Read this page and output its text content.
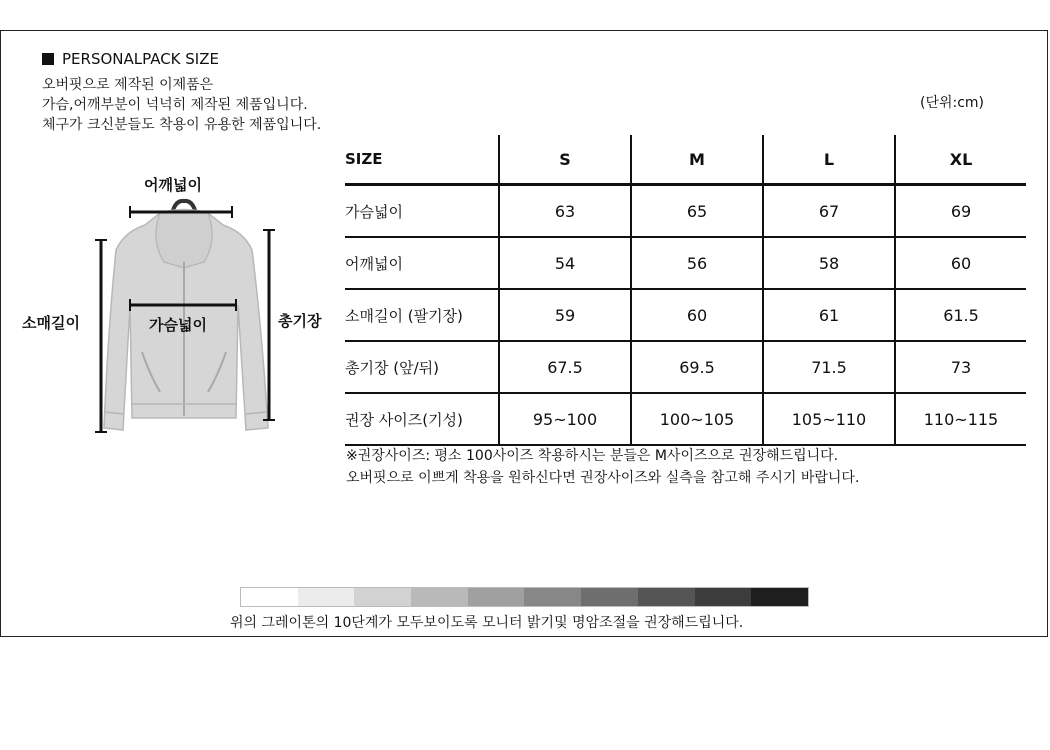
PERSONALPACK SIZE
오버핏으로 제작된 이제품은
가슴,어깨부분이 넉넉히 제작된 제품입니다.
체구가 크신분들도 착용이 유용한 제품입니다.
(단위:cm)
어깨넓이
소매길이	가슴넓이	총기장
SIZE	S	M	L	XL
가슴넓이	63	65	67	69
어깨넓이	54	56	58	60
소매길이 (팔기장)	59	60	61	61.5
총기장 (앞/뒤)	67.5	69.5	71.5	73
권장 사이즈(기성)	95~100	100~105	105~110	110~115
※권장사이즈: 평소 100사이즈 착용하시는 분들은 M사이즈으로 권장해드립니다.
오버핏으로 이쁘게 착용을 원하신다면 권장사이즈와 실측을 참고해 주시기 바랍니다.
위의 그레이톤의 10단계가 모두보이도록 모니터 밝기및 명암조절을 권장해드립니다.
